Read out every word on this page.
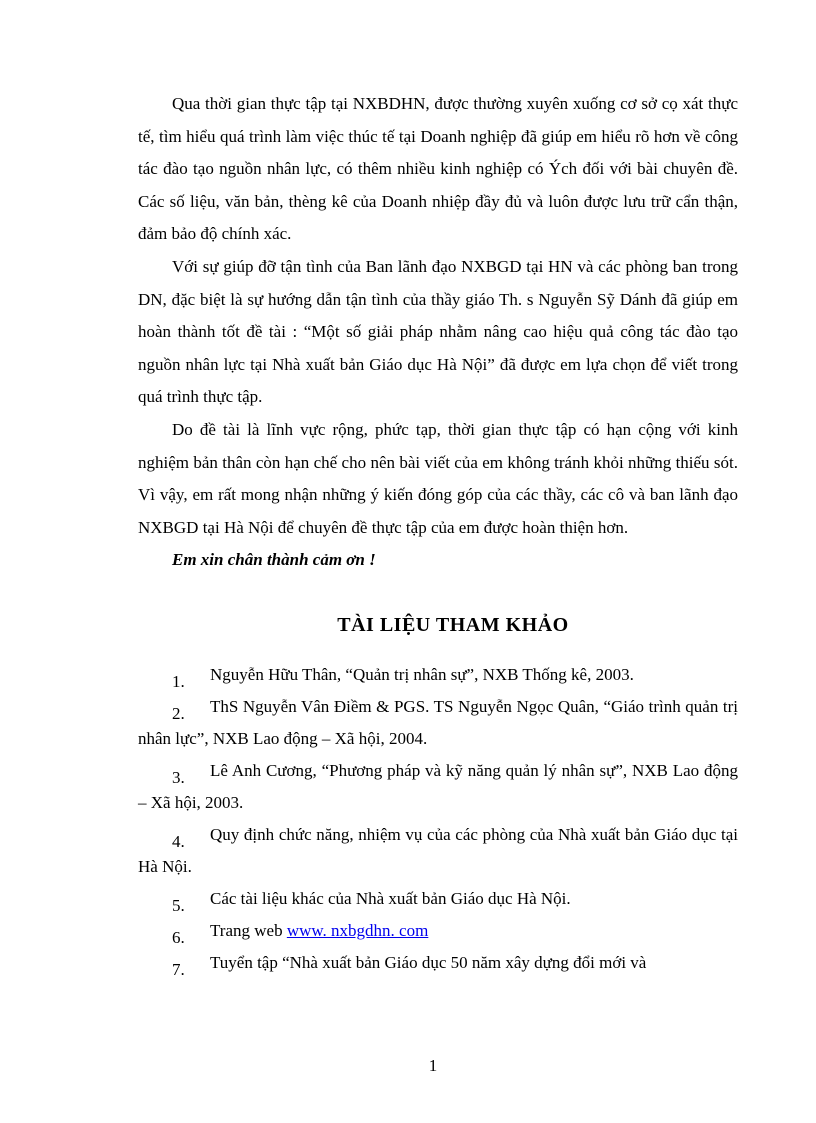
Qua thời gian thực tập tại NXBDHN, được thường xuyên xuống cơ sở cọ xát thực tế, tìm hiểu quá trình làm việc thúc tế tại Doanh nghiệp đã giúp em hiểu rõ hơn về công tác đào tạo nguồn nhân lực, có thêm nhiều kinh nghiệp có Ých đối với bài chuyên đề. Các số liệu, văn bản, thèng kê của Doanh nhiệp đầy đủ và luôn được lưu trữ cẩn thận, đảm bảo độ chính xác.

Với sự giúp đỡ tận tình của Ban lãnh đạo NXBGD tại HN và các phòng ban trong DN, đặc biệt là sự hướng dẫn tận tình của thầy giáo Th. s Nguyễn Sỹ Dánh đã giúp em hoàn thành tốt đề tài : “Một số giải pháp nhằm nâng cao hiệu quả công tác đào tạo nguồn nhân lực tại Nhà xuất bản Giáo dục Hà Nội” đã được em lựa chọn để viết trong quá trình thực tập.

Do đề tài là lĩnh vực rộng, phức tạp, thời gian thực tập có hạn cộng với kinh nghiệm bản thân còn hạn chế cho nên bài viết của em không tránh khỏi những thiếu sót. Vì vậy, em rất mong nhận những ý kiến đóng góp của các thầy, các cô và ban lãnh đạo NXBGD tại Hà Nội để chuyên đề thực tập của em được hoàn thiện hơn.

Em xin chân thành cảm ơn !

TÀI LIỆU THAM KHẢO
1. Nguyễn Hữu Thân, “Quản trị nhân sự”, NXB Thống kê, 2003.
2. ThS Nguyễn Vân Điềm & PGS. TS Nguyễn Ngọc Quân, “Giáo trình quản trị nhân lực”, NXB Lao động – Xã hội, 2004.
3. Lê Anh Cương, “Phương pháp và kỹ năng quản lý nhân sự”, NXB Lao động – Xã hội, 2003.
4. Quy định chức năng, nhiệm vụ của các phòng của Nhà xuất bản Giáo dục tại Hà Nội.
5. Các tài liệu khác của Nhà xuất bản Giáo dục Hà Nội.
6. Trang web www. nxbgdhn. com
7. Tuyển tập “Nhà xuất bản Giáo dục 50 năm xây dựng đổi mới và
1
